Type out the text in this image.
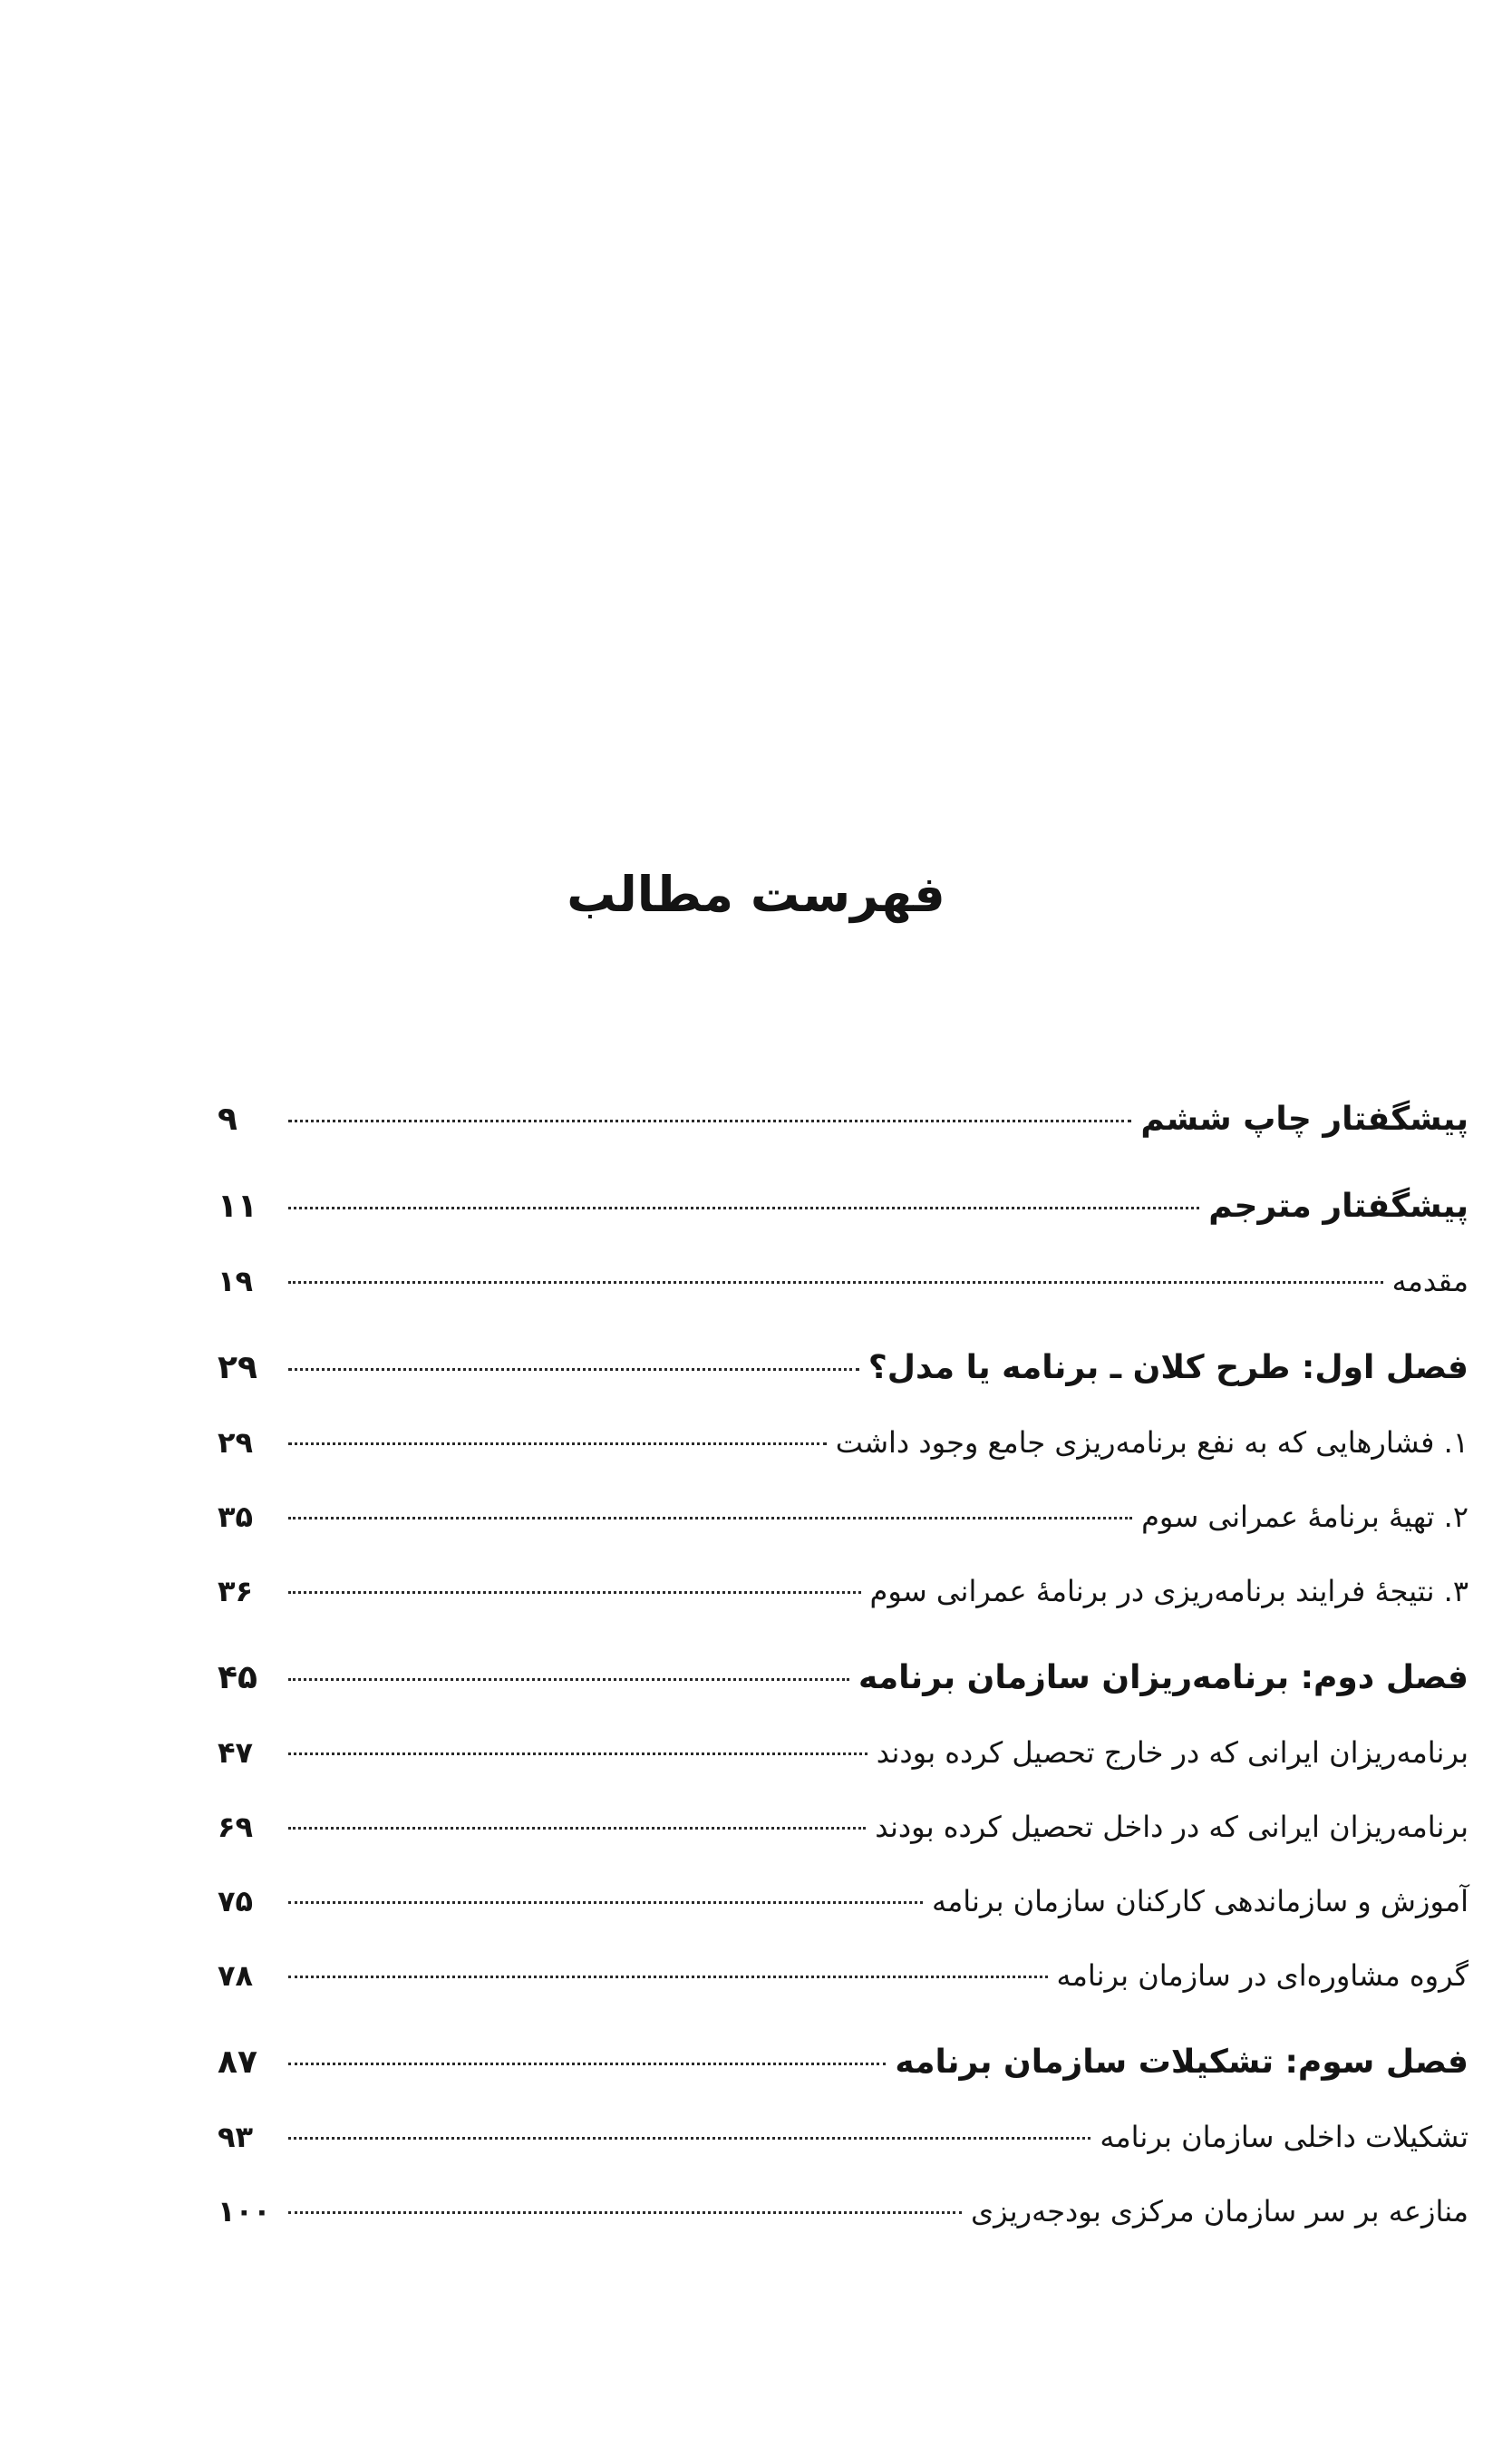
فهرست مطالب
پیشگفتار چاپ ششم
۹
پیشگفتار مترجم
۱۱
مقدمه
۱۹
فصل اول: طرح کلان ـ برنامه یا مدل؟
۲۹
۱. فشارهایی که به نفع برنامه‌ریزی جامع وجود داشت
۲۹
۲. تهیهٔ برنامهٔ عمرانی سوم
۳۵
۳. نتیجهٔ فرایند برنامه‌ریزی در برنامهٔ عمرانی سوم
۳۶
فصل دوم: برنامه‌ریزان سازمان برنامه
۴۵
برنامه‌ریزان ایرانی که در خارج تحصیل کرده بودند
۴۷
برنامه‌ریزان ایرانی که در داخل تحصیل کرده بودند
۶۹
آموزش و سازماندهی کارکنان سازمان برنامه
۷۵
گروه مشاوره‌ای در سازمان برنامه
۷۸
فصل سوم: تشکیلات سازمان برنامه
۸۷
تشکیلات داخلی سازمان برنامه
۹۳
منازعه بر سر سازمان مرکزی بودجه‌ریزی
۱۰۰
